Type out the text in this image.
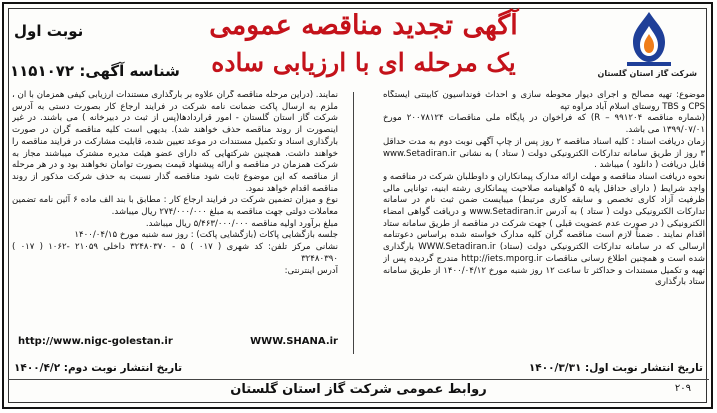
شرکت گاز استان گلستان
آگهی تجدید مناقصه عمومی
یک مرحله ای با ارزیابی ساده
نوبت اول
شناسه آگهی: ۱۱۵۱۰۷۲

موضوع: تهیه مصالح و اجرای دیوار محوطه سازی و احداث فونداسیون کابینتی ایستگاه CPS و TBS روستای اسلام آباد مراوه تپه

(شماره مناقصه R – ۹۹۱۲۰۴) که فراخوان در پایگاه ملی مناقصات ۲۰۰۷۸۱۲۴ مورخ ۱۳۹۹/۰۷/۰۱ می باشد.

زمان دریافت اسناد : کلیه اسناد مناقصه ۲ روز پس از چاپ آگهی نوبت دوم به مدت حداقل ۳ روز از طریق سامانه تدارکات الکترونیکی دولت ( ستاد ) به نشانی www.Setadiran.ir قابل دریافت ( دانلود ) میباشد .

نحوه دریافت اسناد مناقصه و مهلت ارائه مدارک پیمانکاران و داوطلبان شرکت در مناقصه و واجد شرایط ( دارای حداقل پایه ۵ گواهینامه صلاحیت پیمانکاری رشته ابنیه، توانایی مالی ظرفیت آزاد کاری تخصص و سابقه کاری مرتبط) میبایست ضمن ثبت نام در سامانه تدارکات الکترونیکی دولت ( ستاد ) به آدرس www.Setadiran.ir و دریافت گواهی امضاء الکترونیکی ( در صورت عدم عضویت قبلی ) جهت شرکت در مناقصه از طریق سامانه ستاد اقدام نمایند . ضمناً لازم است مناقصه گران کلیه مدارک خواسته شده براساس دعوتنامه ارسالی که در سامانه تدارکات الکترونیکی دولت (ستاد) WWW.Setadiran.ir بارگذاری شده است و همچنین اطلاع رسانی مناقصات http://iets.mporg.ir مندرج گردیده پس از تهیه و تکمیل مستندات و حداکثر تا ساعت ۱۲ روز شنبه مورخ ۱۴۰۰/۰۴/۱۲ از طریق سامانه ستاد بارگذاری

نمایند. (دراین مرحله مناقصه گران علاوه بر بارگذاری مستندات ارزیابی کیفی همزمان با آن ، ملزم به ارسال پاکت ضمانت نامه شرکت در فرایند ارجاع کار بصورت دستی به آدرس شرکت گاز استان گلستان - امور قراردادها(پس از ثبت در دبیرخانه ) می باشند. در غیر اینصورت از روند مناقصه حذف خواهند شد). بدیهی است کلیه مناقصه گران در صورت بارگذاری اسناد و تکمیل مستندات در موعد تعیین شده، قابلیت مشارکت در فرایند مناقصه را خواهند داشت. همچنین شرکتهایی که دارای عضو هیئت مدیره مشترک میباشند مجاز به شرکت همزمان در مناقصه و ارائه پیشنهاد قیمت بصورت توامان نخواهند بود و در هر مرحله از مناقصه که این موضوع ثابت شود مناقصه گذار نسبت به حذف شرکت مذکور از روند مناقصه اقدام خواهد نمود.

نوع و میزان تضمین شرکت در فرایند ارجاع کار : مطابق با بند الف ماده ۶ آئین نامه تضمین معاملات دولتی جهت مناقصه به مبلغ ۲۷۴/۰۰۰/۰۰۰ ریال میباشد.

مبلغ برآورد اولیه مناقصه ۵/۴۶۳/۰۰۰/۰۰۰ ریال میباشد.

جلسه بازگشایی پاکات (بازگشایی پاکت) : روز سه شنبه مورخ ۱۴۰۰/۰۴/۱۵

نشانی مرکز تلفن: کد شهری ( ۰۱۷ ) ۵ - ۳۲۴۸۰۳۷۰ داخلی ۲۱۰۵۹ -۱۰۶۲ ( ۰۱۷ ) ۳۲۴۸۰۳۹۰

آدرس اینترنتی:

http://www.nigc-golestan.ir	WWW.SHANA.ir
تاریخ انتشار نوبت اول: ۱۴۰۰/۳/۳۱
تاریخ انتشار نوبت دوم: ۱۴۰۰/۴/۲
روابط عمومی شرکت گاز استان گلستان	۲۰۹
